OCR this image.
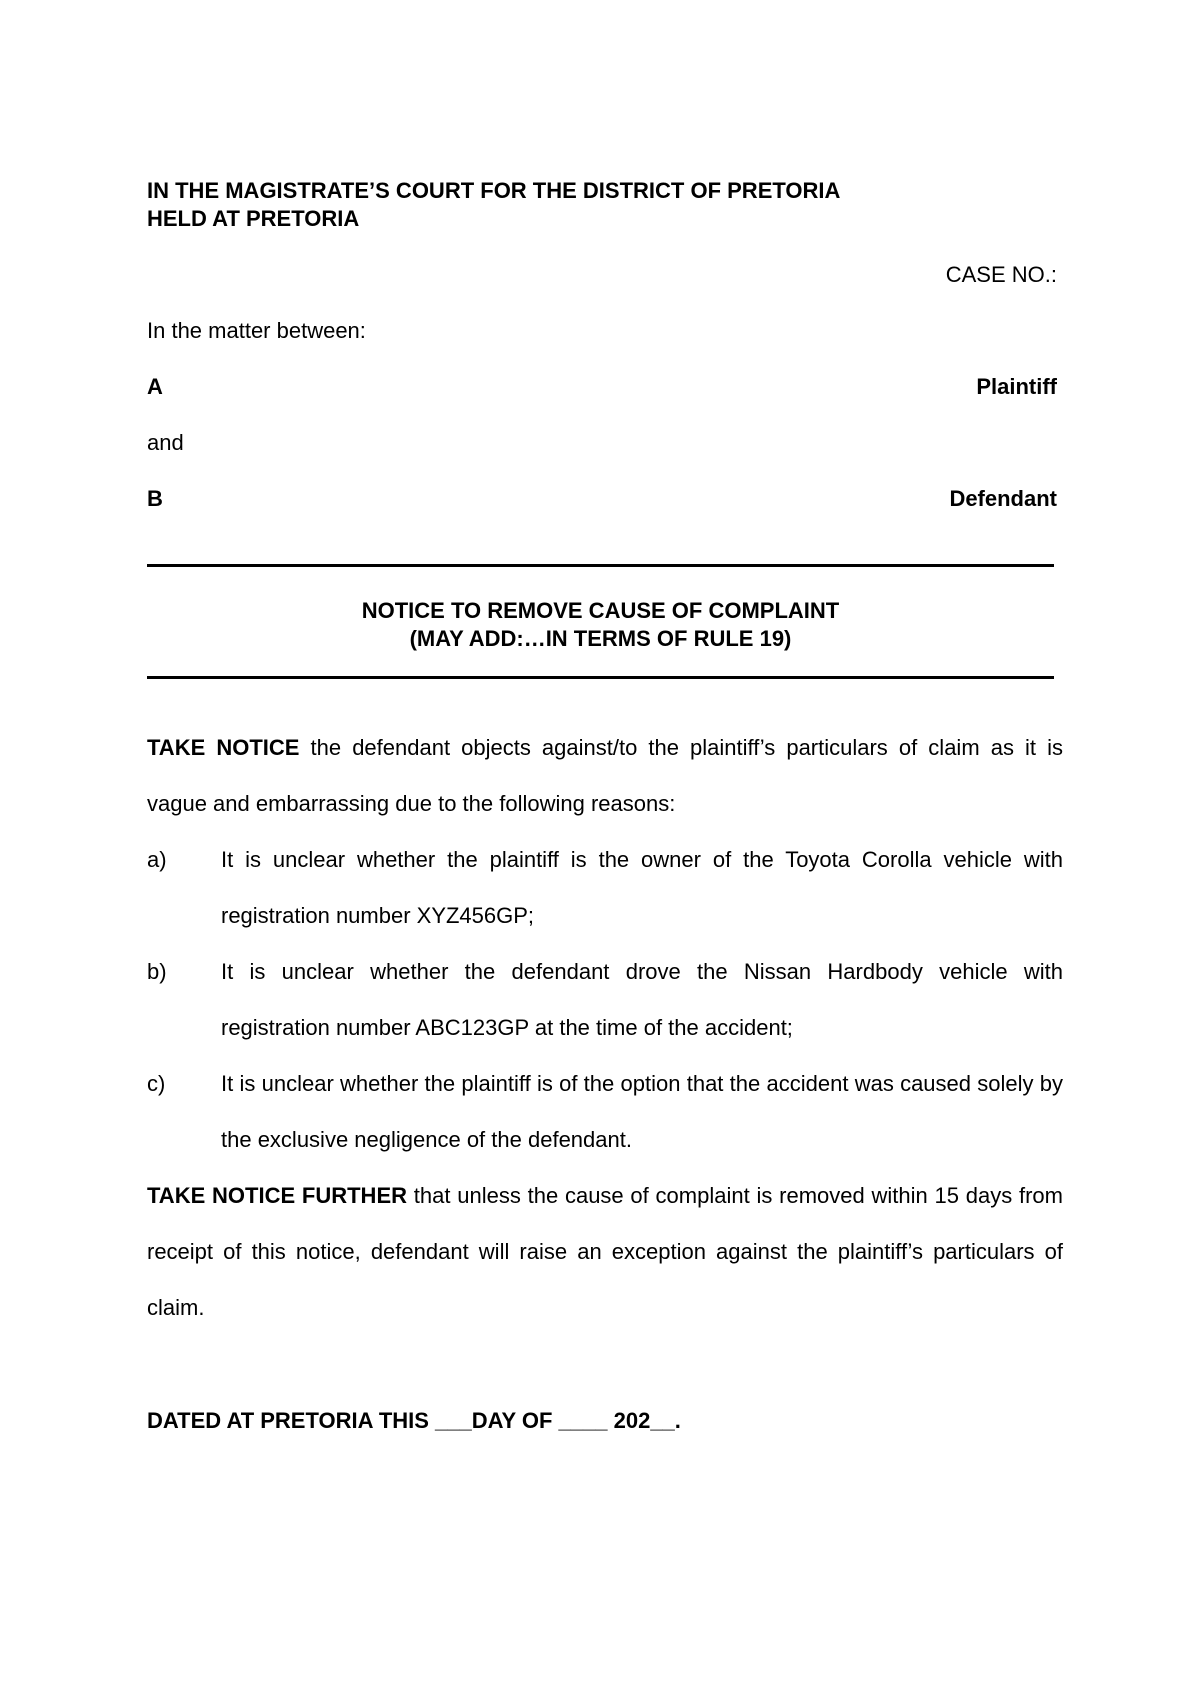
IN THE MAGISTRATE’S COURT FOR THE DISTRICT OF PRETORIA
HELD AT PRETORIA
CASE NO.:
In the matter between:
A	Plaintiff
and
B	Defendant
NOTICE TO REMOVE CAUSE OF COMPLAINT
(MAY ADD:…IN TERMS OF RULE 19)
TAKE NOTICE the defendant objects against/to the plaintiff’s particulars of claim as it is vague and embarrassing due to the following reasons:
a) It is unclear whether the plaintiff is the owner of the Toyota Corolla vehicle with registration number XYZ456GP;
b) It is unclear whether the defendant drove the Nissan Hardbody vehicle with registration number ABC123GP at the time of the accident;
c)	It is unclear whether the plaintiff is of the option that the accident was caused solely by the exclusive negligence of the defendant.
TAKE NOTICE FURTHER that unless the cause of complaint is removed within 15 days from receipt of this notice, defendant will raise an exception against the plaintiff’s particulars of claim.
DATED AT PRETORIA THIS ___DAY OF ____ 202__.
